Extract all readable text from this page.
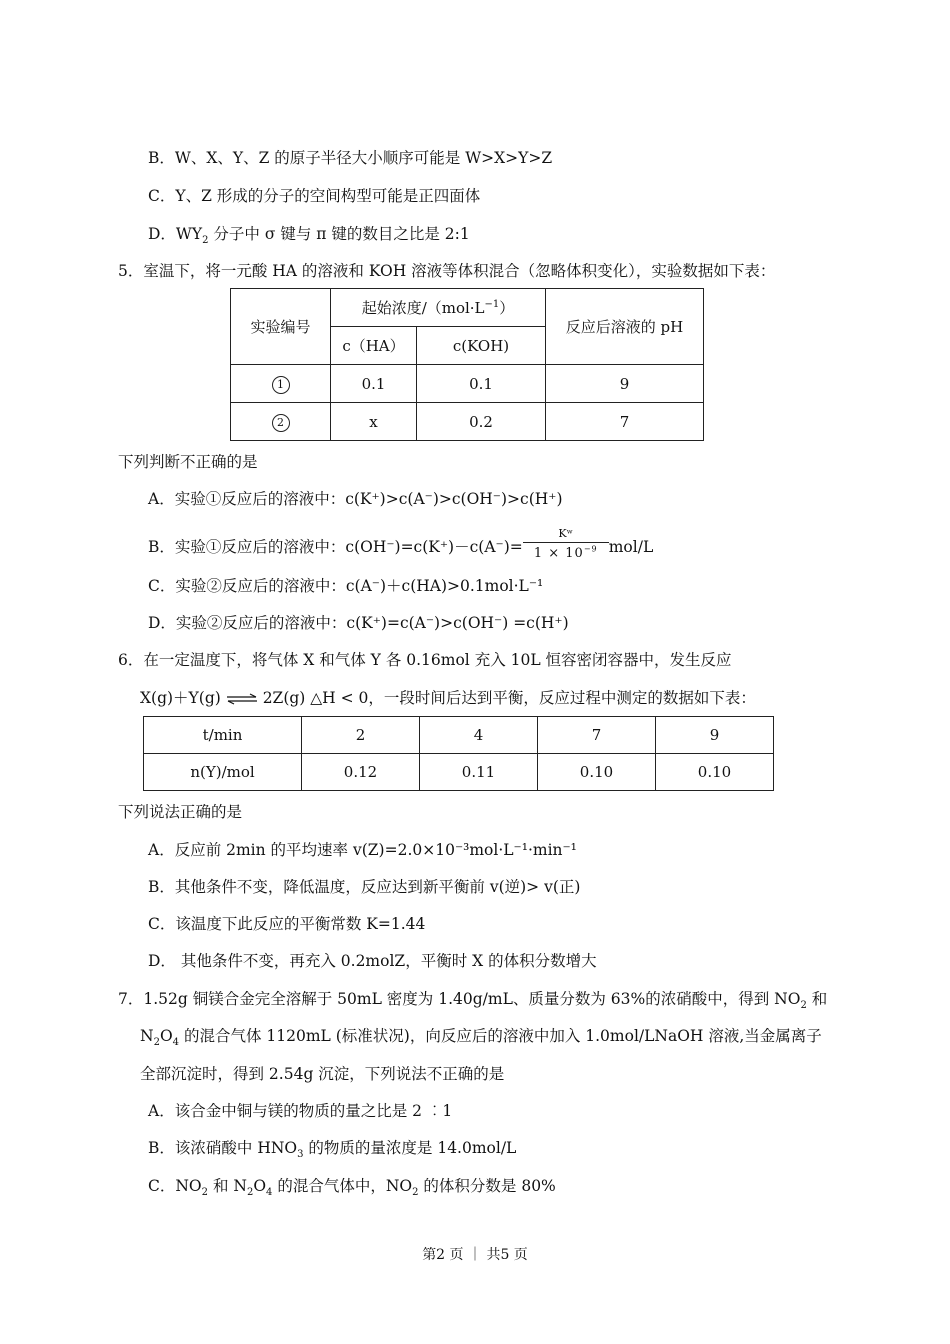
B．W、X、Y、Z 的原子半径大小顺序可能是 W>X>Y>Z
C．Y、Z 形成的分子的空间构型可能是正四面体
D．$WY_2$ 分子中 σ 键与 π 键的数目之比是 2:1
5．室温下，将一元酸 HA 的溶液和 KOH 溶液等体积混合（忽略体积变化），实验数据如下表：
实验编号	起始浓度$/(mol\cdot L^{-1})$		反应后溶液的 pH
	c（HA）	c(KOH)	
1	0.1	0.1	9
2	x	0.2	7
下列判断不正确的是
A．实验①反应后的溶液中：c(K⁺)>c(A⁻)>c(OH⁻)>c(H⁺)
B．实验①反应后的溶液中：$c(OH^-)=c(K^+)-c(A^-)= \frac{\text{Kʷ}}{1 \times 10^{-9}} mol/L$
C．实验②反应后的溶液中：c(A⁻)＋c(HA)>0.1mol·L⁻¹
D．实验②反应后的溶液中：c(K⁺)=c(A⁻)>c(OH⁻) =c(H⁺)
6．在一定温度下，将气体 X 和气体 Y 各 0.16mol 充入 10L 恒容密闭容器中，发生反应
X(g)＋Y(g) ⇌ 2Z(g) △H < 0，一段时间后达到平衡，反应过程中测定的数据如下表：
t/min	2	4	7	9
n(Y)/mol	0.12	0.11	0.10	0.10
下列说法正确的是
A．反应前 2min 的平均速率 v(Z)=2.0×10⁻³mol·L⁻¹·min⁻¹
B．其他条件不变，降低温度，反应达到新平衡前 v(逆)> v(正)
C．该温度下此反应的平衡常数 K=1.44
D． 其他条件不变，再充入 0.2molZ，平衡时 X 的体积分数增大
7．1.52g 铜镁合金完全溶解于 50mL 密度为 1.40g/mL、质量分数为 63%的浓硝酸中，得到 $NO_2$ 和
$N_2O_4$ 的混合气体 1120mL (标准状况)，向反应后的溶液中加入 1.0mol/LNaOH 溶液,当金属离子
全部沉淀时，得到 2.54g 沉淀，下列说法不正确的是
A．该合金中铜与镁的物质的量之比是 2 ︰1
B．该浓硝酸中 $HNO_3$ 的物质的量浓度是 14.0mol/L
C．$NO_2$ 和 $N_2O_4$ 的混合气体中，$NO_2$ 的体积分数是 80%
第2 页 ｜ 共5 页
